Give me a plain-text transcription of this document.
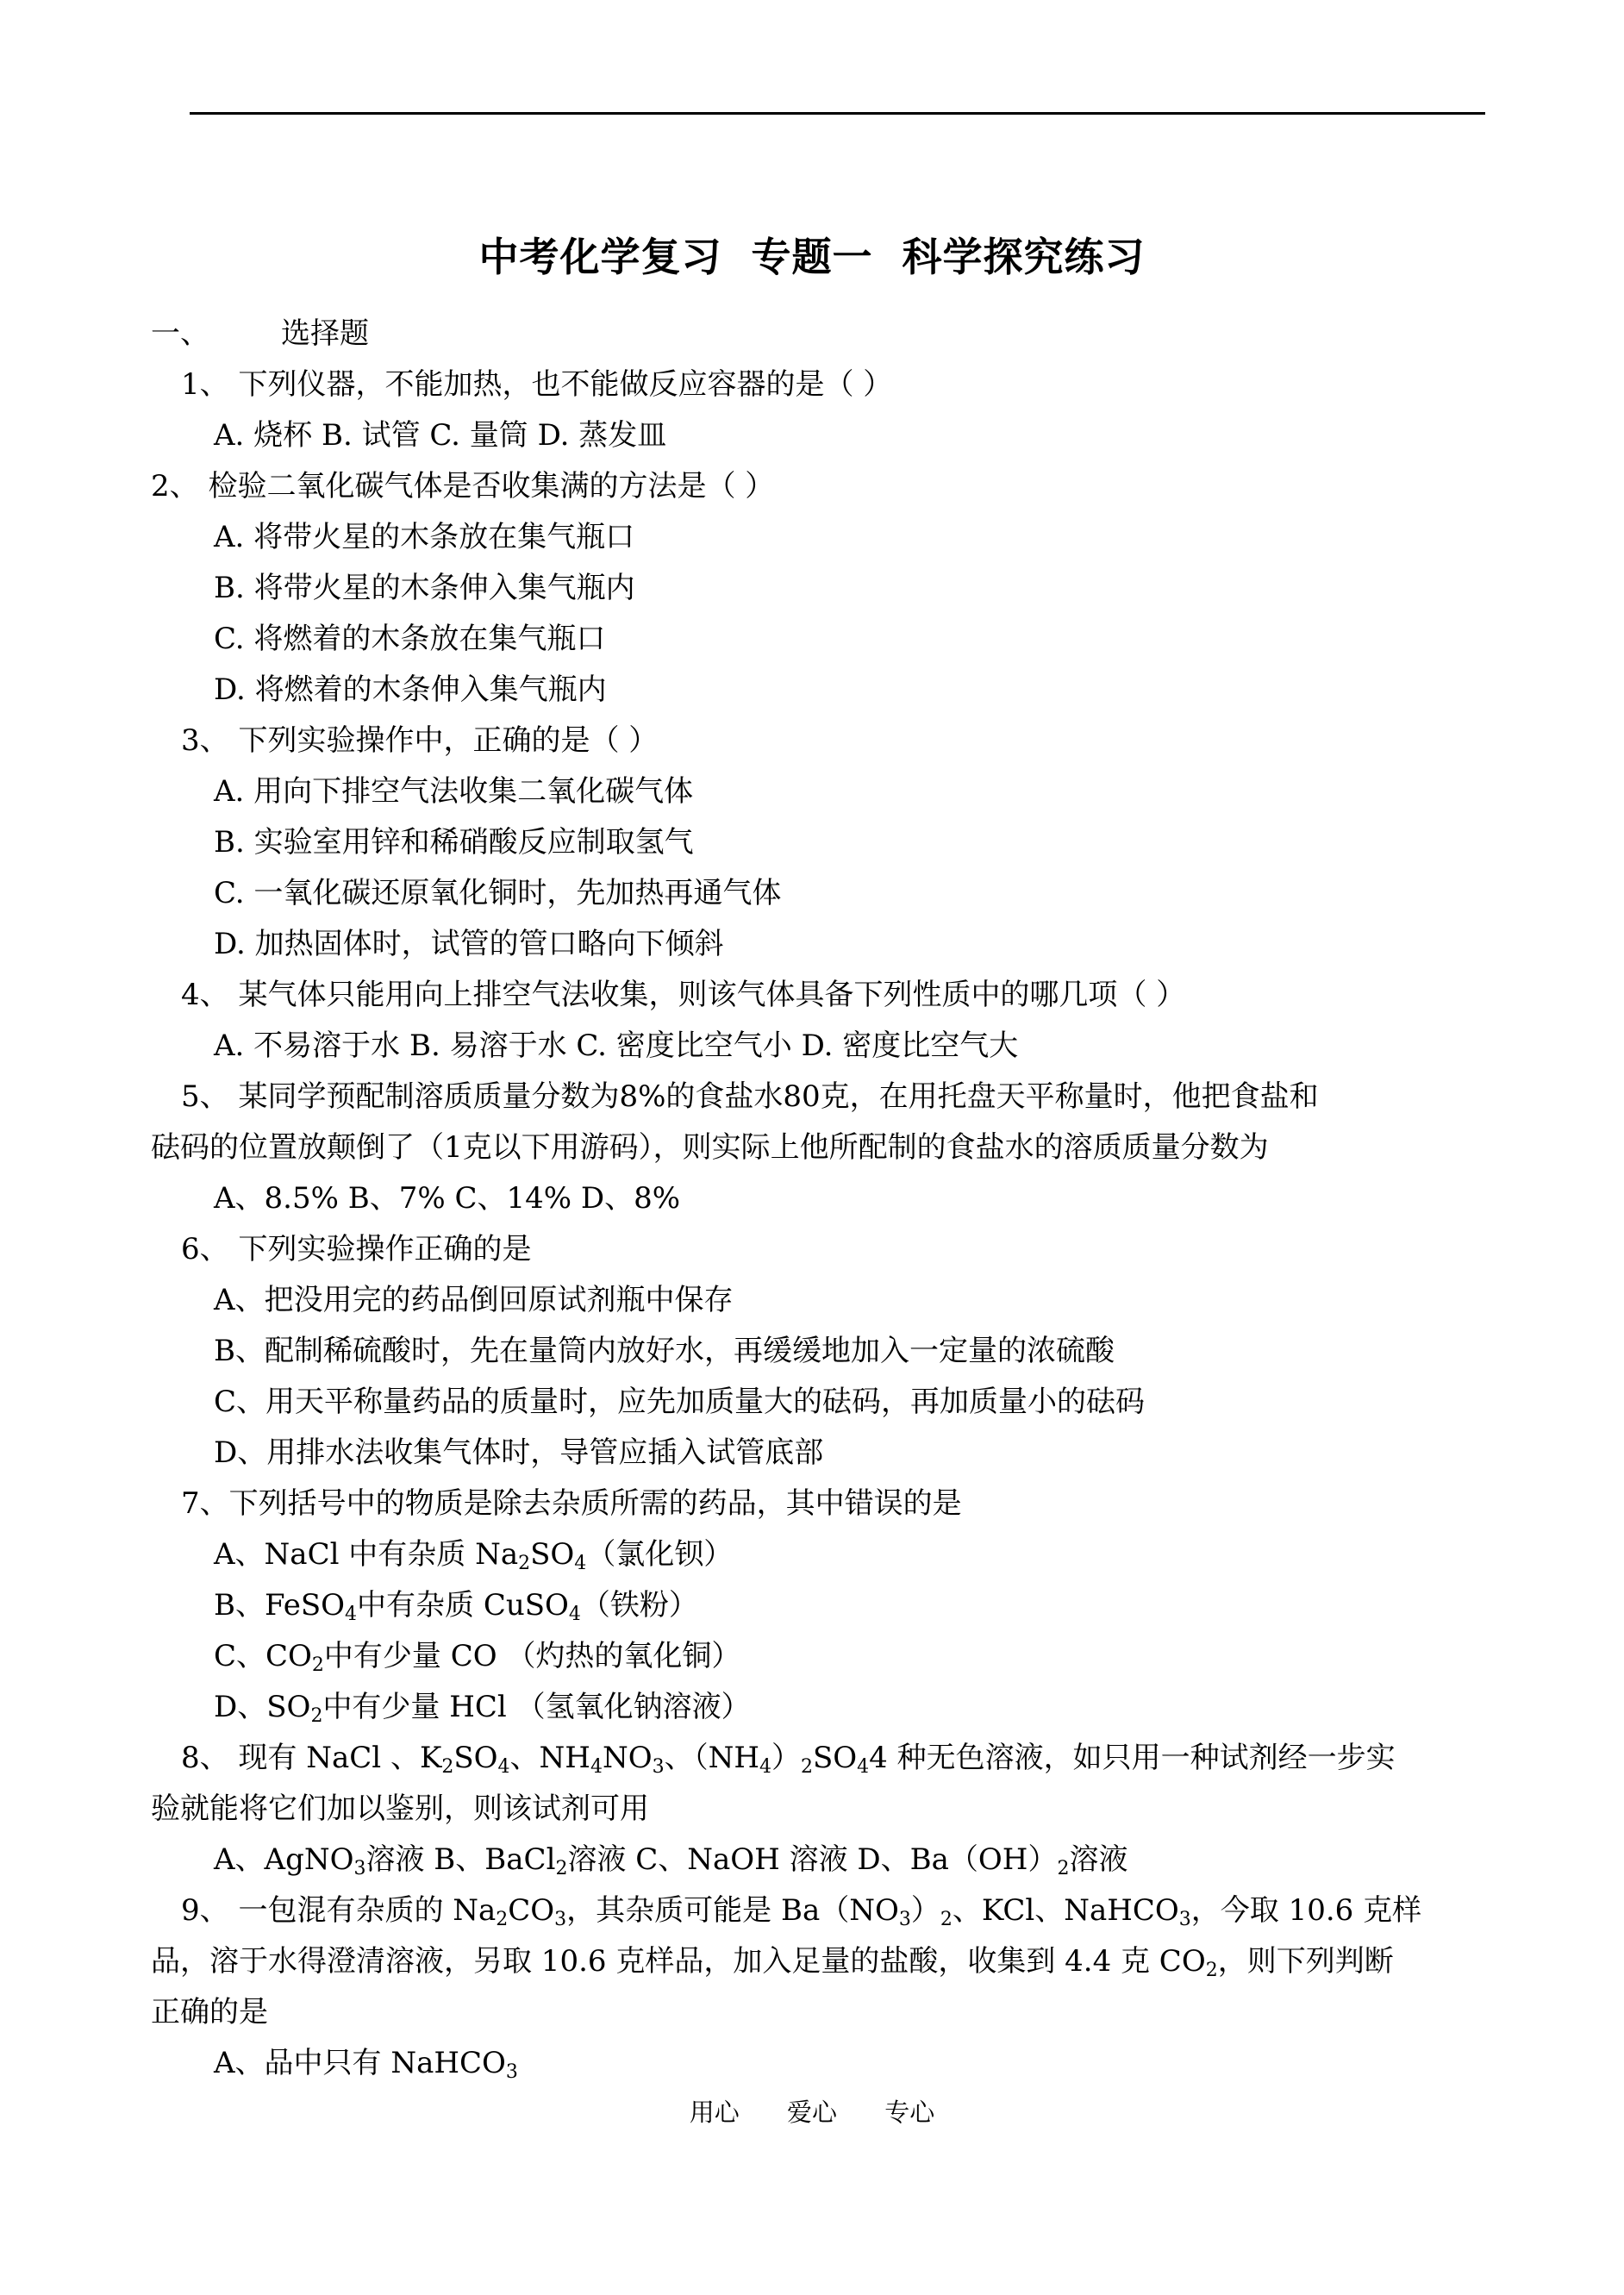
中考化学复习  专题一  科学探究练习
一、 选择题
1、 下列仪器，不能加热，也不能做反应容器的是（ ）
A. 烧杯 B. 试管 C. 量筒 D. 蒸发皿
2、 检验二氧化碳气体是否收集满的方法是（ ）
A. 将带火星的木条放在集气瓶口
B. 将带火星的木条伸入集气瓶内
C. 将燃着的木条放在集气瓶口
D. 将燃着的木条伸入集气瓶内
3、 下列实验操作中，正确的是（ ）
A. 用向下排空气法收集二氧化碳气体
B. 实验室用锌和稀硝酸反应制取氢气
C. 一氧化碳还原氧化铜时，先加热再通气体
D. 加热固体时，试管的管口略向下倾斜
4、 某气体只能用向上排空气法收集，则该气体具备下列性质中的哪几项（ ）
A. 不易溶于水 B. 易溶于水 C. 密度比空气小 D. 密度比空气大
5、 某同学预配制溶质质量分数为8%的食盐水80克，在用托盘天平称量时，他把食盐和
砝码的位置放颠倒了（1克以下用游码），则实际上他所配制的食盐水的溶质质量分数为
A、8.5% B、7% C、14% D、8%
6、 下列实验操作正确的是
A、把没用完的药品倒回原试剂瓶中保存
B、配制稀硫酸时，先在量筒内放好水，再缓缓地加入一定量的浓硫酸
C、用天平称量药品的质量时，应先加质量大的砝码，再加质量小的砝码
D、用排水法收集气体时，导管应插入试管底部
7、下列括号中的物质是除去杂质所需的药品，其中错误的是
A、NaCl 中有杂质 $Na_2SO_4$（氯化钡）
B、FeSO$_4$中有杂质 CuSO$_4$（铁粉）
C、$CO_2$中有少量 CO （灼热的氧化铜）
D、$SO_2$中有少量 HCl （氢氧化钠溶液）
8、 现有 NaCl 、$K_2SO_4$、$NH_4NO_3$、$(NH_4)_2SO_44$ 种无色溶液，如只用一种试剂经一步实
验就能将它们加以鉴别，则该试剂可用
A、AgNO$_3$溶液 B、BaCl$_2$溶液 C、NaOH 溶液 D、$Ba(OH)_2$溶液
9、 一包混有杂质的 $Na_2CO_3$，其杂质可能是 $Ba(NO_3)_2$、KCl、NaHCO$_3$，今取 10.6 克样
品，溶于水得澄清溶液，另取 10.6 克样品，加入足量的盐酸，收集到 4.4 克 $CO_2$，则下列判断
正确的是
A、品中只有 NaHCO$_3$
用心      爱心      专心
